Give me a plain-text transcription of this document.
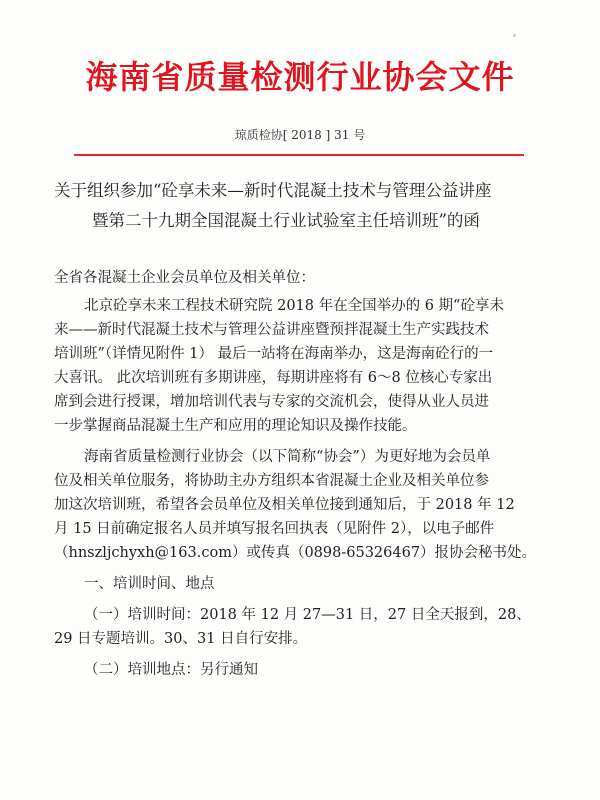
海南省质量检测行业协会文件
琼质检协[ 2018 ] 31 号
关于组织参加“砼享未来—新时代混凝土技术与管理公益讲座
暨第二十九期全国混凝土行业试验室主任培训班”的函
全省各混凝土企业会员单位及相关单位：
北京砼享未来工程技术研究院 2018 年在全国举办的 6 期“砼享未
来——新时代混凝土技术与管理公益讲座暨预拌混凝土生产实践技术
培训班”（详情见附件 1） 最后一站将在海南举办，这是海南砼行的一
大喜讯。 此次培训班有多期讲座，每期讲座将有 6～8 位核心专家出
席到会进行授课，增加培训代表与专家的交流机会，使得从业人员进
一步掌握商品混凝土生产和应用的理论知识及操作技能。
海南省质量检测行业协会（以下简称“协会”）为更好地为会员单
位及相关单位服务，将协助主办方组织本省混凝土企业及相关单位参
加这次培训班，希望各会员单位及相关单位接到通知后，于 2018 年 12
月 15 日前确定报名人员并填写报名回执表（见附件 2），以电子邮件
（hnszljchyxh@163.com）或传真（0898-65326467）报协会秘书处。
一、培训时间、地点
（一）培训时间：2018 年 12 月 27—31 日，27 日全天报到，28、
29 日专题培训。30、31 日自行安排。
（二）培训地点：另行通知
